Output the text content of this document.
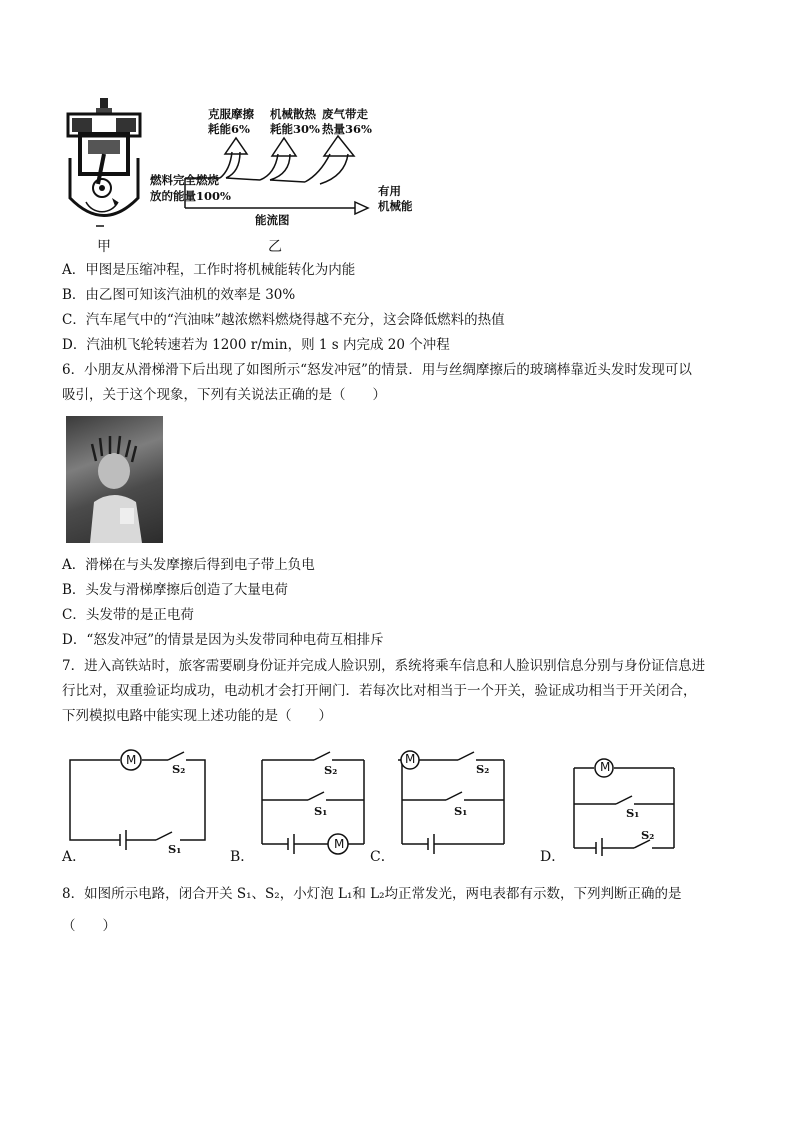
甲
克服摩擦
耗能6%
机械散热
耗能30%
废气带走
热量36%
燃料完全燃烧
放的能量100%	有用
机械能
能流图
乙
A．甲图是压缩冲程，工作时将机械能转化为内能
B．由乙图可知该汽油机的效率是 30%
C．汽车尾气中的“汽油味”越浓燃料燃烧得越不充分，这会降低燃料的热值
D．汽油机飞轮转速若为 1200 r/min，则 1 s 内完成 20 个冲程
6．小朋友从滑梯滑下后出现了如图所示“怒发冲冠”的情景．用与丝绸摩擦后的玻璃棒靠近头发时发现可以
吸引，关于这个现象，下列有关说法正确的是（　　）
A．滑梯在与头发摩擦后得到电子带上负电
B．头发与滑梯摩擦后创造了大量电荷
C．头发带的是正电荷
D．“怒发冲冠”的情景是因为头发带同种电荷互相排斥
7．进入高铁站时，旅客需要刷身份证并完成人脸识别，系统将乘车信息和人脸识别信息分别与身份证信息进
行比对，双重验证均成功，电动机才会打开闸门．若每次比对相当于一个开关，验证成功相当于开关闭合，
下列模拟电路中能实现上述功能的是（　　）
M
S₂
S₁	M
S₂
S₁
M
S₂
S₁
M
S₁
S₂
A．	B．	C．	D．
8．如图所示电路，闭合开关 S₁、S₂，小灯泡 L₁和 L₂均正常发光，两电表都有示数，下列判断正确的是
（　　）
